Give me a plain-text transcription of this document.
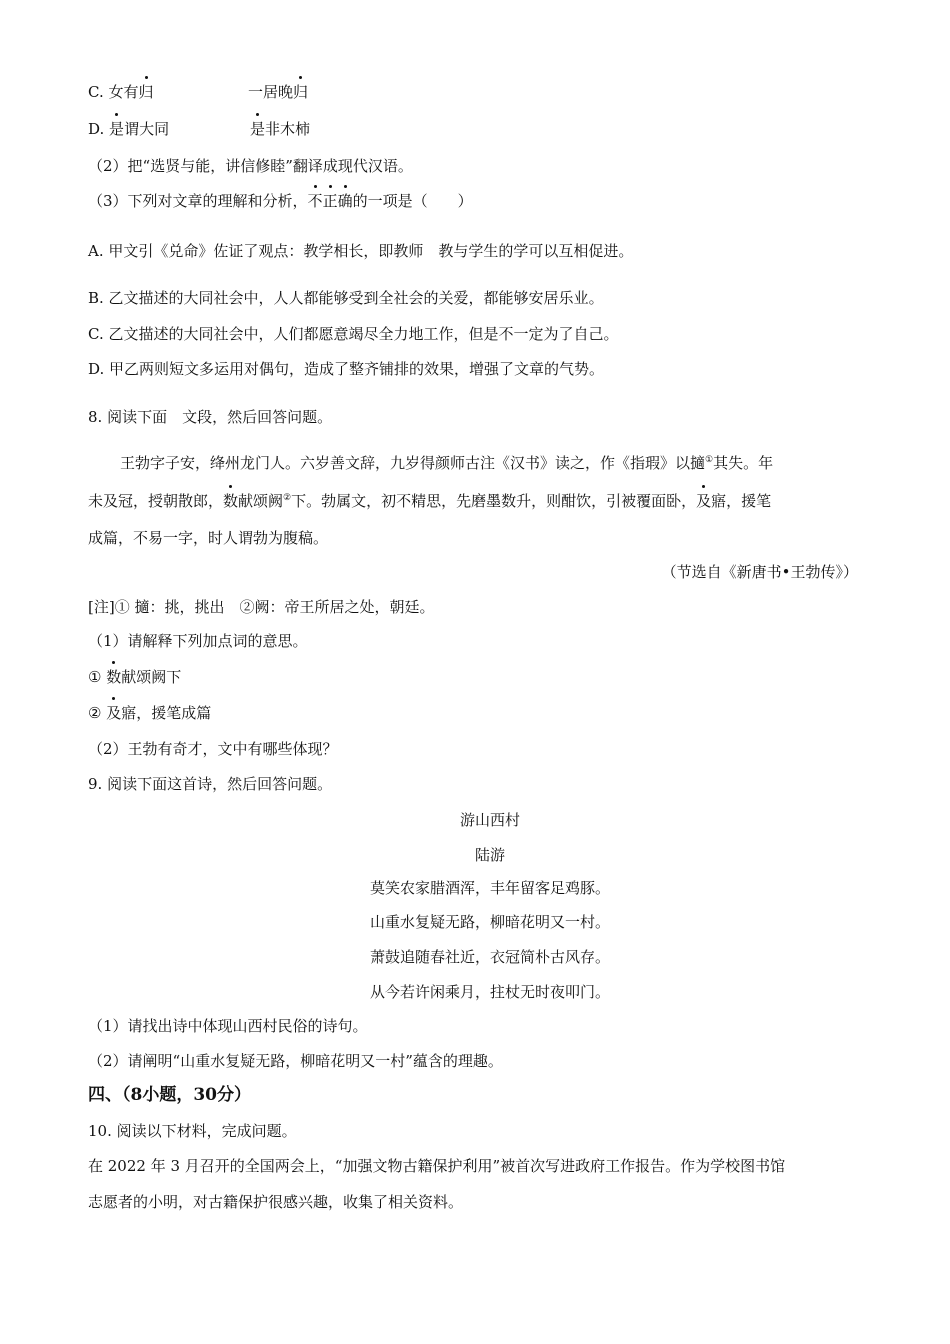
C. 女有归	一居晚归
D. 是谓大同	是非木柿
（2）把“选贤与能，讲信修睦”翻译成现代汉语。
（3）下列对文章的理解和分析，不正确的一项是（　　）
A. 甲文引《兑命》佐证了观点：教学相长，即教师　教与学生的学可以互相促进。
B. 乙文描述的大同社会中，人人都能够受到全社会的关爱，都能够安居乐业。
C. 乙文描述的大同社会中，人们都愿意竭尽全力地工作，但是不一定为了自己。
D. 甲乙两则短文多运用对偶句，造成了整齐铺排的效果，增强了文章的气势。
8. 阅读下面　文段，然后回答问题。
王勃字子安，绛州龙门人。六岁善文辞，九岁得颜师古注《汉书》读之，作《指瑕》以擿①其失。年
未及冠，授朝散郎，数献颂阙②下。勃属文，初不精思，先磨墨数升，则酣饮，引被覆面卧，及寤，援笔
成篇，不易一字，时人谓勃为腹稿。
（节选自《新唐书•王勃传》）
[注]① 擿：挑，挑出　②阙：帝王所居之处，朝廷。
（1）请解释下列加点词的意思。
① 数献颂阙下
② 及寤，援笔成篇
（2）王勃有奇才，文中有哪些体现？
9. 阅读下面这首诗，然后回答问题。
游山西村
陆游
莫笑农家腊酒浑，丰年留客足鸡豚。
山重水复疑无路，柳暗花明又一村。
萧鼓追随春社近，衣冠简朴古风存。
从今若许闲乘月，拄杖无时夜叩门。
（1）请找出诗中体现山西村民俗的诗句。
（2）请阐明“山重水复疑无路，柳暗花明又一村”蕴含的理趣。
四、（8小题，30分）
10. 阅读以下材料，完成问题。
在 2022 年 3 月召开的全国两会上，“加强文物古籍保护利用”被首次写进政府工作报告。作为学校图书馆
志愿者的小明，对古籍保护很感兴趣，收集了相关资料。
